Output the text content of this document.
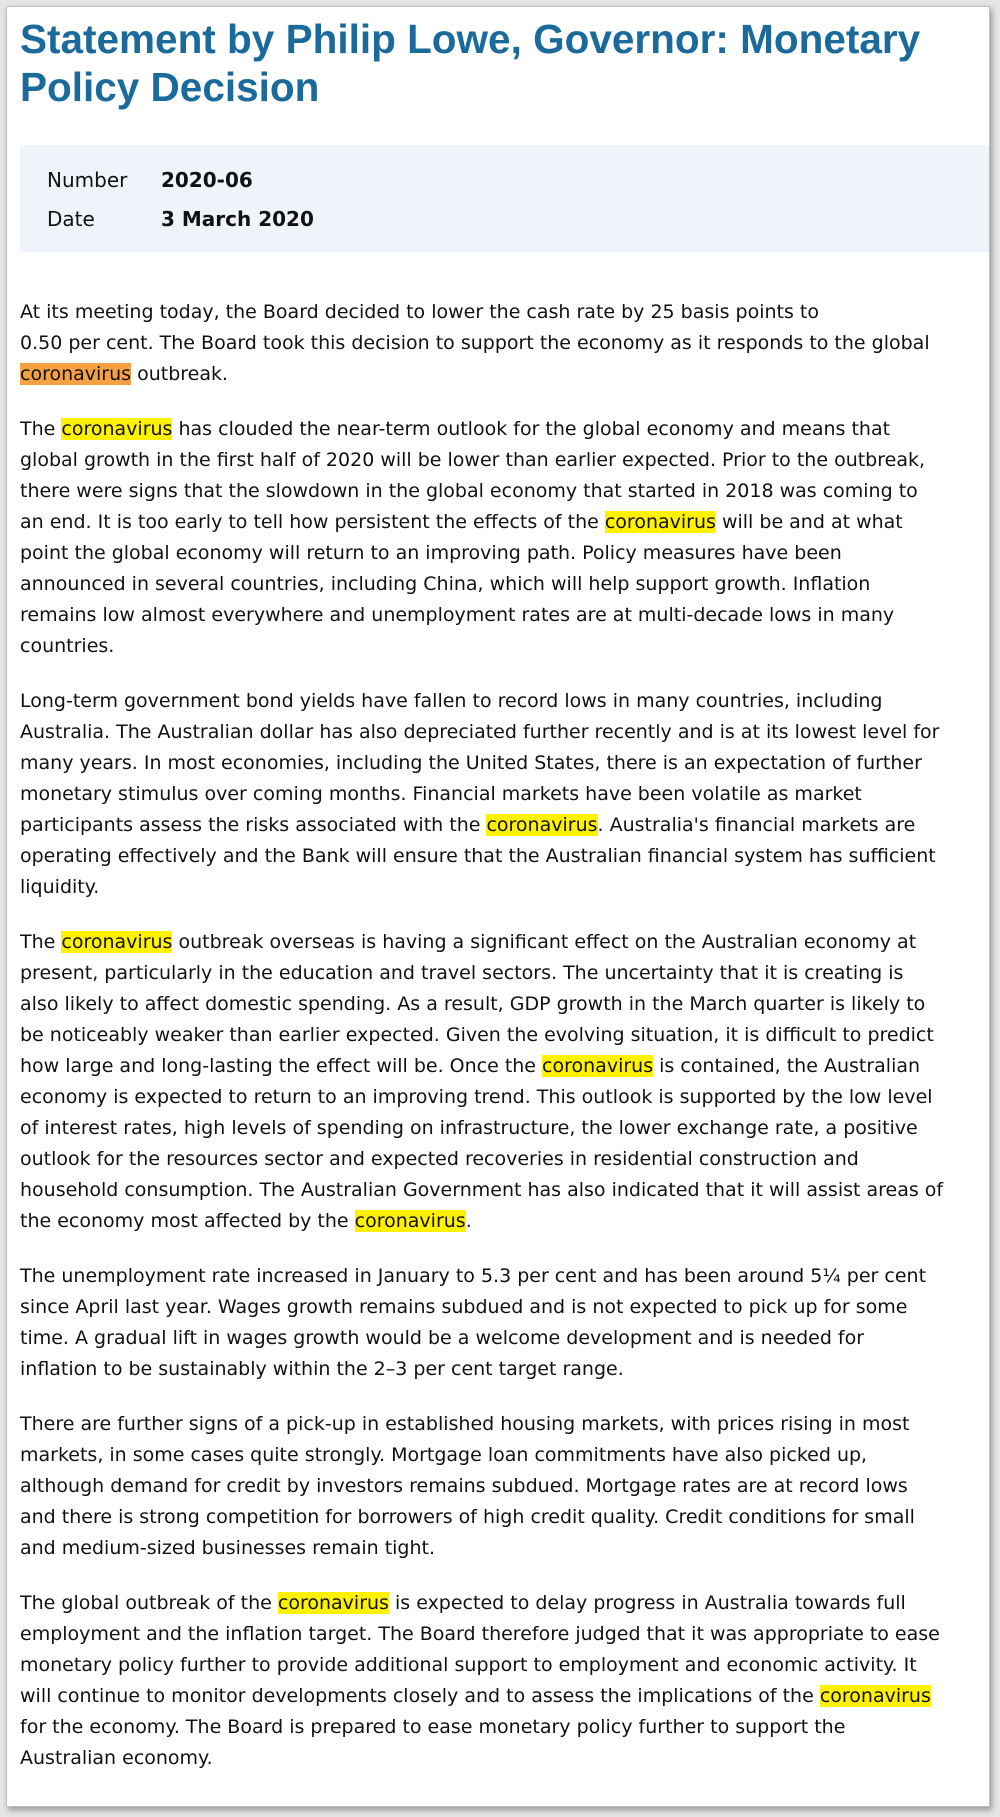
Statement by Philip Lowe, Governor: Monetary
Policy Decision
Number 2020-06
Date	3 March 2020

At its meeting today, the Board decided to lower the cash rate by 25 basis points to
0.50 per cent. The Board took this decision to support the economy as it responds to the global
coronavirus outbreak.

The coronavirus has clouded the near-term outlook for the global economy and means that
global growth in the first half of 2020 will be lower than earlier expected. Prior to the outbreak,
there were signs that the slowdown in the global economy that started in 2018 was coming to
an end. It is too early to tell how persistent the effects of the coronavirus will be and at what
point the global economy will return to an improving path. Policy measures have been
announced in several countries, including China, which will help support growth. Inflation
remains low almost everywhere and unemployment rates are at multi-decade lows in many
countries.

Long-term government bond yields have fallen to record lows in many countries, including
Australia. The Australian dollar has also depreciated further recently and is at its lowest level for
many years. In most economies, including the United States, there is an expectation of further
monetary stimulus over coming months. Financial markets have been volatile as market
participants assess the risks associated with the coronavirus. Australia's financial markets are
operating effectively and the Bank will ensure that the Australian financial system has sufficient
liquidity.

The coronavirus outbreak overseas is having a significant effect on the Australian economy at
present, particularly in the education and travel sectors. The uncertainty that it is creating is
also likely to affect domestic spending. As a result, GDP growth in the March quarter is likely to
be noticeably weaker than earlier expected. Given the evolving situation, it is difficult to predict
how large and long-lasting the effect will be. Once the coronavirus is contained, the Australian
economy is expected to return to an improving trend. This outlook is supported by the low level
of interest rates, high levels of spending on infrastructure, the lower exchange rate, a positive
outlook for the resources sector and expected recoveries in residential construction and
household consumption. The Australian Government has also indicated that it will assist areas of
the economy most affected by the coronavirus.

The unemployment rate increased in January to 5.3 per cent and has been around 5¼ per cent
since April last year. Wages growth remains subdued and is not expected to pick up for some
time. A gradual lift in wages growth would be a welcome development and is needed for
inflation to be sustainably within the 2–3 per cent target range.

There are further signs of a pick-up in established housing markets, with prices rising in most
markets, in some cases quite strongly. Mortgage loan commitments have also picked up,
although demand for credit by investors remains subdued. Mortgage rates are at record lows
and there is strong competition for borrowers of high credit quality. Credit conditions for small
and medium-sized businesses remain tight.

The global outbreak of the coronavirus is expected to delay progress in Australia towards full
employment and the inflation target. The Board therefore judged that it was appropriate to ease
monetary policy further to provide additional support to employment and economic activity. It
will continue to monitor developments closely and to assess the implications of the coronavirus
for the economy. The Board is prepared to ease monetary policy further to support the
Australian economy.
